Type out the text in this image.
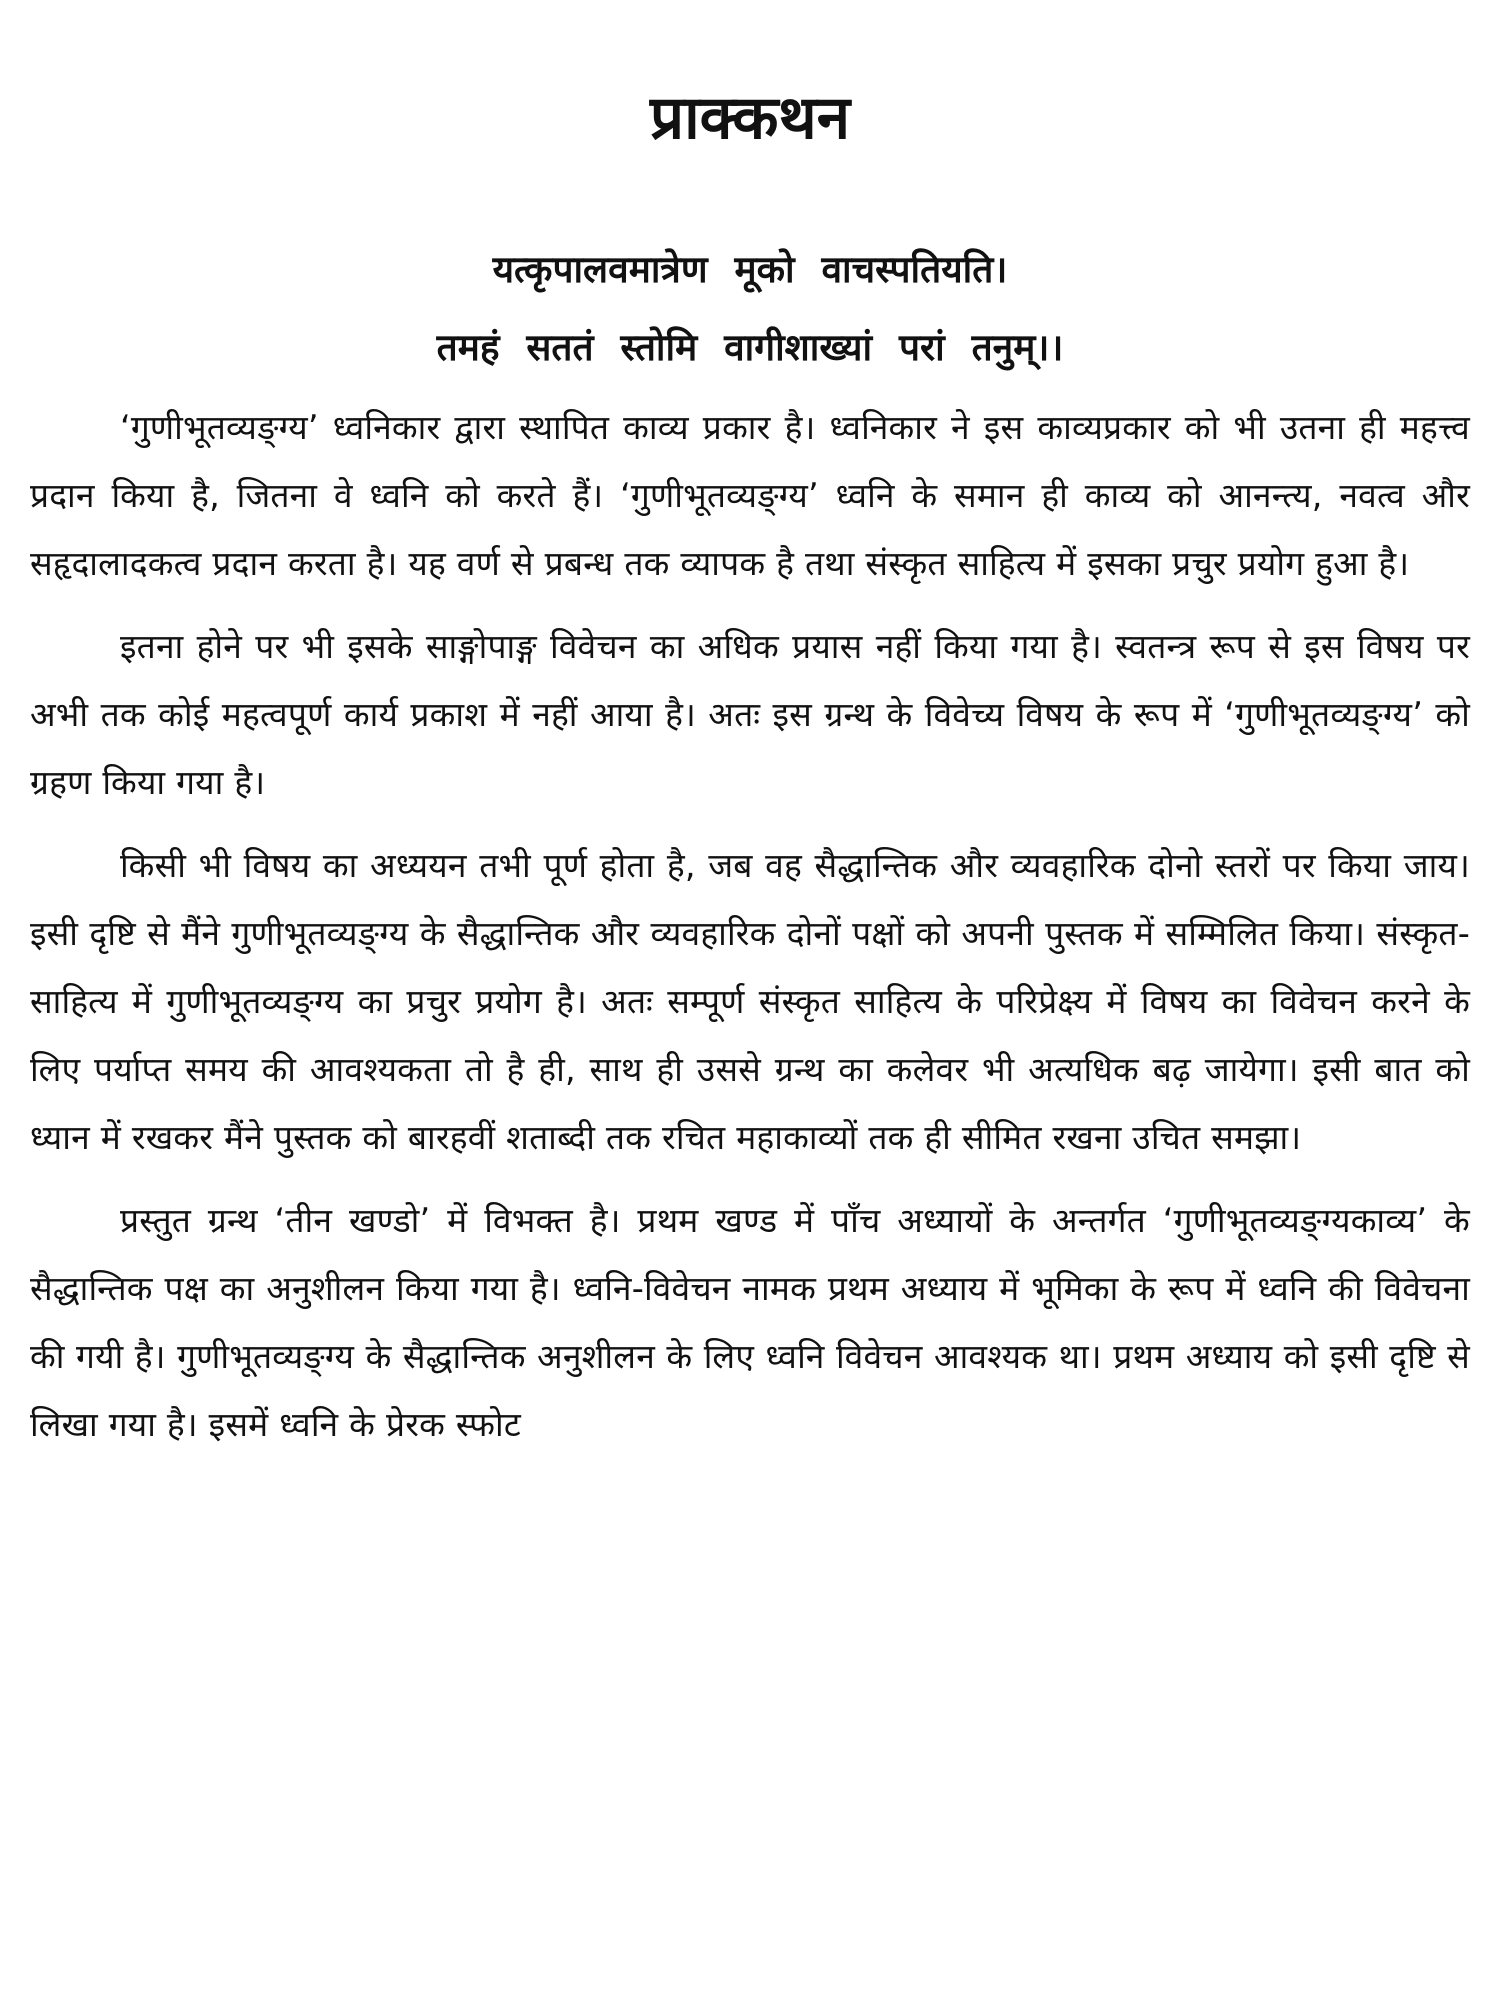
प्राक्कथन

यत्कृपालवमात्रेण मूको वाचस्पतियति।

तमहं सततं स्तोमि वागीशाख्यां परां तनुम्।।

‘गुणीभूतव्यङ्ग्य’ ध्वनिकार द्वारा स्थापित काव्य प्रकार है। ध्वनिकार ने इस काव्यप्रकार को भी उतना ही महत्त्व प्रदान किया है, जितना वे ध्वनि को करते हैं। ‘गुणीभूतव्यङ्ग्य’ ध्वनि के समान ही काव्य को आनन्त्य, नवत्व और सहृदालादकत्व प्रदान करता है। यह वर्ण से प्रबन्ध तक व्यापक है तथा संस्कृत साहित्य में इसका प्रचुर प्रयोग हुआ है।

इतना होने पर भी इसके साङ्गोपाङ्ग विवेचन का अधिक प्रयास नहीं किया गया है। स्वतन्त्र रूप से इस विषय पर अभी तक कोई महत्वपूर्ण कार्य प्रकाश में नहीं आया है। अतः इस ग्रन्थ के विवेच्य विषय के रूप में ‘गुणीभूतव्यङ्ग्य’ को ग्रहण किया गया है।

किसी भी विषय का अध्ययन तभी पूर्ण होता है, जब वह सैद्धान्तिक और व्यवहारिक दोनो स्तरों पर किया जाय। इसी दृष्टि से मैंने गुणीभूतव्यङ्ग्य के सैद्धान्तिक और व्यवहारिक दोनों पक्षों को अपनी पुस्तक में सम्मिलित किया। संस्कृत-साहित्य में गुणीभूतव्यङ्ग्य का प्रचुर प्रयोग है। अतः सम्पूर्ण संस्कृत साहित्य के परिप्रेक्ष्य में विषय का विवेचन करने के लिए पर्याप्त समय की आवश्यकता तो है ही, साथ ही उससे ग्रन्थ का कलेवर भी अत्यधिक बढ़ जायेगा। इसी बात को ध्यान में रखकर मैंने पुस्तक को बारहवीं शताब्दी तक रचित महाकाव्यों तक ही सीमित रखना उचित समझा।

प्रस्तुत ग्रन्थ ‘तीन खण्डो’ में विभक्त है। प्रथम खण्ड में पाँच अध्यायों के अन्तर्गत ‘गुणीभूतव्यङ्ग्यकाव्य’ के सैद्धान्तिक पक्ष का अनुशीलन किया गया है। ध्वनि-विवेचन नामक प्रथम अध्याय में भूमिका के रूप में ध्वनि की विवेचना की गयी है। गुणीभूतव्यङ्ग्य के सैद्धान्तिक अनुशीलन के लिए ध्वनि विवेचन आवश्यक था। प्रथम अध्याय को इसी दृष्टि से लिखा गया है। इसमें ध्वनि के प्रेरक स्फोट
